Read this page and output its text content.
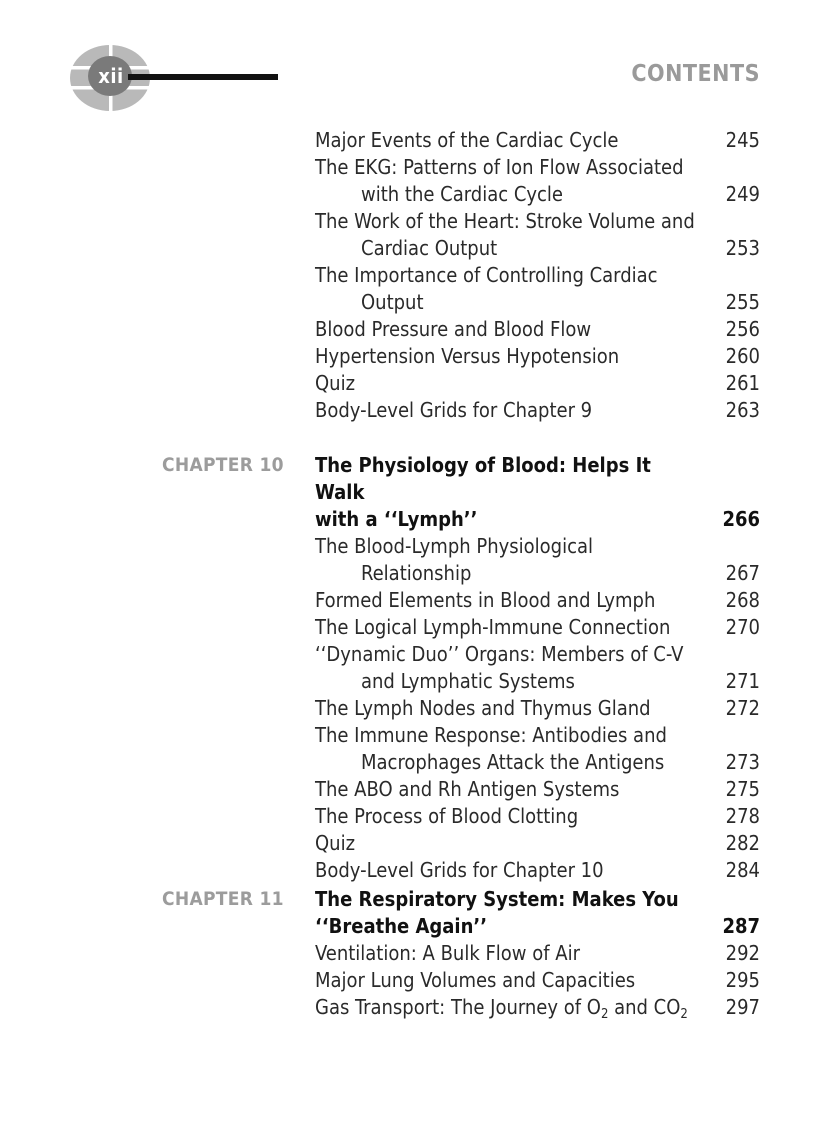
xii	CONTENTS
Major Events of the Cardiac Cycle	245
The EKG: Patterns of Ion Flow Associated
with the Cardiac Cycle	249
The Work of the Heart: Stroke Volume and
Cardiac Output	253
The Importance of Controlling Cardiac
Output	255
Blood Pressure and Blood Flow	256
Hypertension Versus Hypotension	260
Quiz	261
Body-Level Grids for Chapter 9	263
CHAPTER 10 The Physiology of Blood: Helps It Walk
with a ‘‘Lymph’’	266
The Blood-Lymph Physiological
Relationship	267
Formed Elements in Blood and Lymph	268
The Logical Lymph-Immune Connection	270
‘‘Dynamic Duo’’ Organs: Members of C-V
and Lymphatic Systems	271
The Lymph Nodes and Thymus Gland	272
The Immune Response: Antibodies and
Macrophages Attack the Antigens	273
The ABO and Rh Antigen Systems	275
The Process of Blood Clotting	278
Quiz	282
Body-Level Grids for Chapter 10	284
CHAPTER 11 The Respiratory System: Makes You
‘‘Breathe Again’’	287
Ventilation: A Bulk Flow of Air	292
Major Lung Volumes and Capacities	295
Gas Transport: The Journey of $O_2$ and $CO_2$	297
